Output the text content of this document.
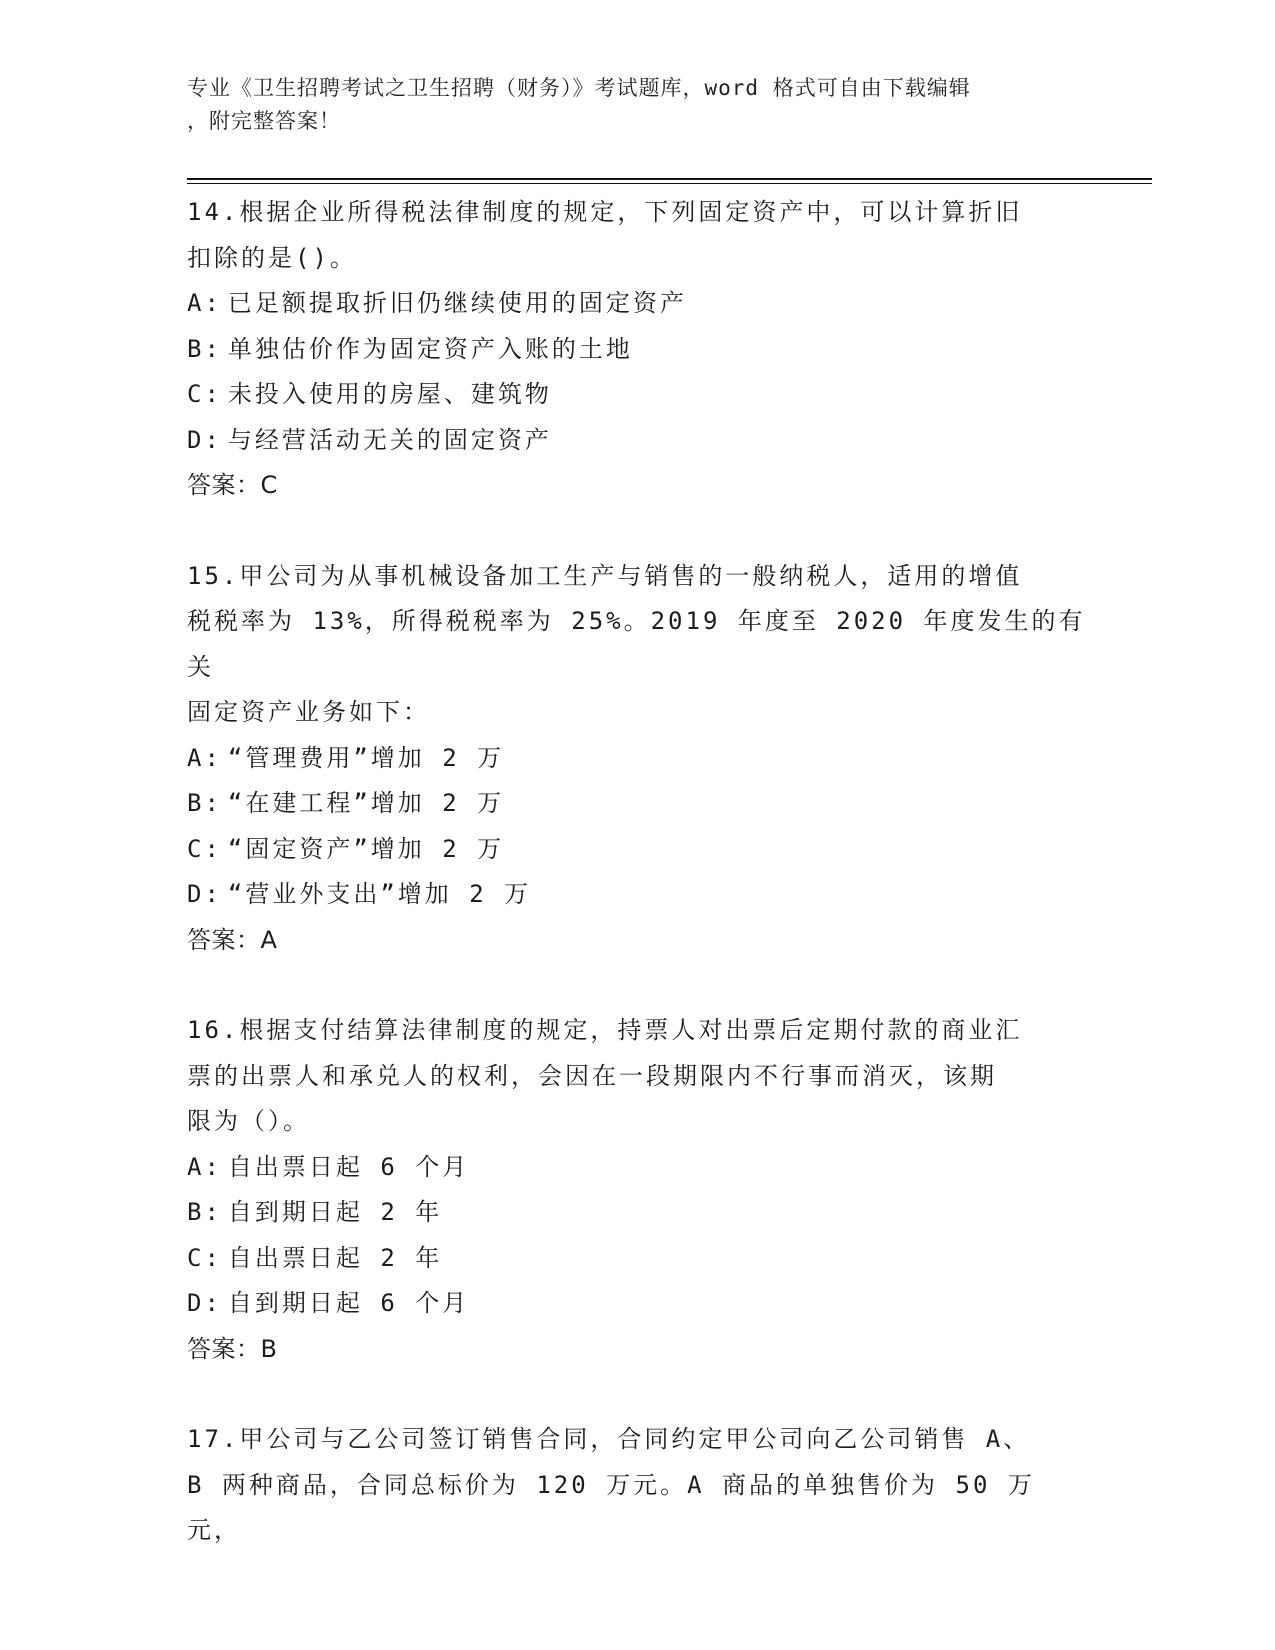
专业《卫生招聘考试之卫生招聘（财务）》考试题库，word 格式可自由下载编辑
，附完整答案！
14.根据企业所得税法律制度的规定，下列固定资产中，可以计算折旧
扣除的是()。
A: 已足额提取折旧仍继续使用的固定资产
B: 单独估价作为固定资产入账的土地
C: 未投入使用的房屋、建筑物
D: 与经营活动无关的固定资产
答案：C
15.甲公司为从事机械设备加工生产与销售的一般纳税人，适用的增值
税税率为 13%，所得税税率为 25%。2019 年度至 2020 年度发生的有关
固定资产业务如下：
A: “管理费用”增加 2 万
B: “在建工程”增加 2 万
C: “固定资产”增加 2 万
D: “营业外支出”增加 2 万
答案：A
16.根据支付结算法律制度的规定，持票人对出票后定期付款的商业汇
票的出票人和承兑人的权利，会因在一段期限内不行事而消灭，该期
限为（）。
A: 自出票日起 6 个月
B: 自到期日起 2 年
C: 自出票日起 2 年
D: 自到期日起 6 个月
答案：B
17.甲公司与乙公司签订销售合同，合同约定甲公司向乙公司销售 A、
B 两种商品，合同总标价为 120 万元。A 商品的单独售价为 50 万元，
